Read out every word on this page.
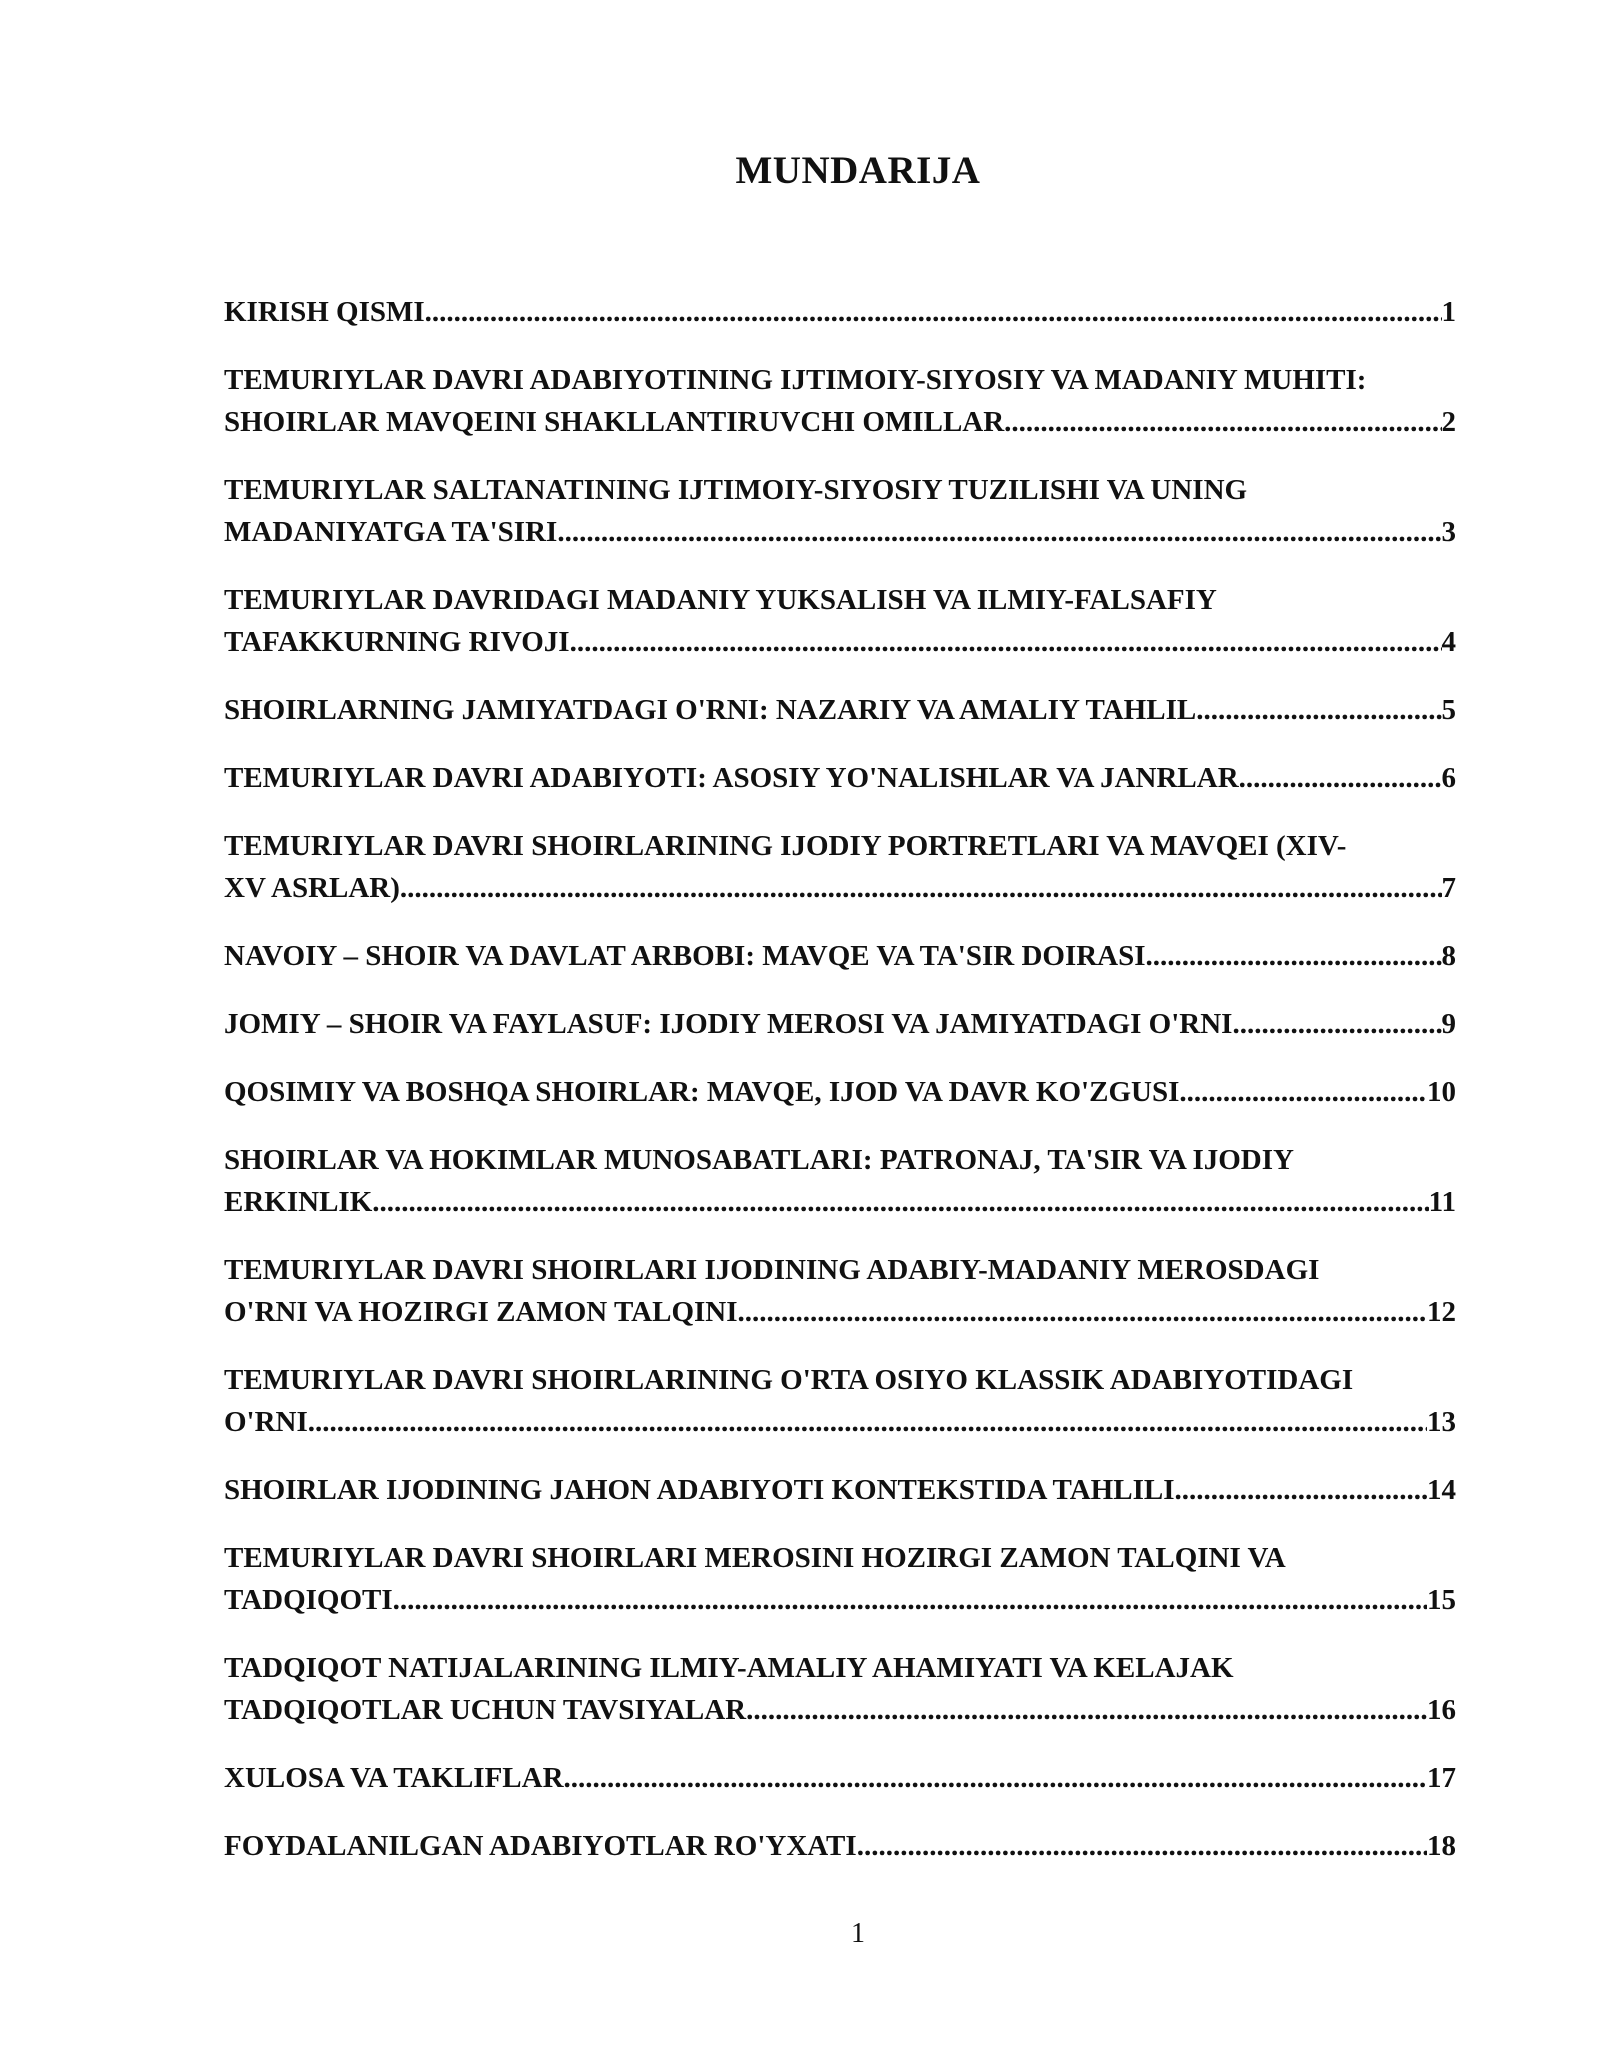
MUNDARIJA
KIRISH QISMI .....	1
TEMURIYLAR DAVRI ADABIYOTINING IJTIMOIY-SIYOSIY VA MADANIY MUHITI:
SHOIRLAR MAVQEINI SHAKLLANTIRUVCHI OMILLAR .....	2
TEMURIYLAR SALTANATINING IJTIMOIY-SIYOSIY TUZILISHI VA UNING
MADANIYATGA TA'SIRI .....	3
TEMURIYLAR DAVRIDAGI MADANIY YUKSALISH VA ILMIY-FALSAFIY
TAFAKKURNING RIVOJI .....	4
SHOIRLARNING JAMIYATDAGI O'RNI: NAZARIY VA AMALIY TAHLIL .....	5
TEMURIYLAR DAVRI ADABIYOTI: ASOSIY YO'NALISHLAR VA JANRLAR .....	6
TEMURIYLAR DAVRI SHOIRLARINING IJODIY PORTRETLARI VA MAVQEI (XIV-
XV ASRLAR) .....	7
NAVOIY – SHOIR VA DAVLAT ARBOBI: MAVQE VA TA'SIR DOIRASI .....	8
JOMIY – SHOIR VA FAYLASUF: IJODIY MEROSI VA JAMIYATDAGI O'RNI .....	9
QOSIMIY VA BOSHQA SHOIRLAR: MAVQE, IJOD VA DAVR KO'ZGUSI .....	10
SHOIRLAR VA HOKIMLAR MUNOSABATLARI: PATRONAJ, TA'SIR VA IJODIY
ERKINLIK .....	11
TEMURIYLAR DAVRI SHOIRLARI IJODINING ADABIY-MADANIY MEROSDAGI
O'RNI VA HOZIRGI ZAMON TALQINI .....	12
TEMURIYLAR DAVRI SHOIRLARINING O'RTA OSIYO KLASSIK ADABIYOTIDAGI
O'RNI .....	13
SHOIRLAR IJODINING JAHON ADABIYOTI KONTEKSTIDA TAHLILI .....	14
TEMURIYLAR DAVRI SHOIRLARI MEROSINI HOZIRGI ZAMON TALQINI VA
TADQIQOTI .....	15
TADQIQOT NATIJALARINING ILMIY-AMALIY AHAMIYATI VA KELAJAK
TADQIQOTLAR UCHUN TAVSIYALAR .....	16
XULOSA VA TAKLIFLAR .....	17
FOYDALANILGAN ADABIYOTLAR RO'YXATI .....	18
1
